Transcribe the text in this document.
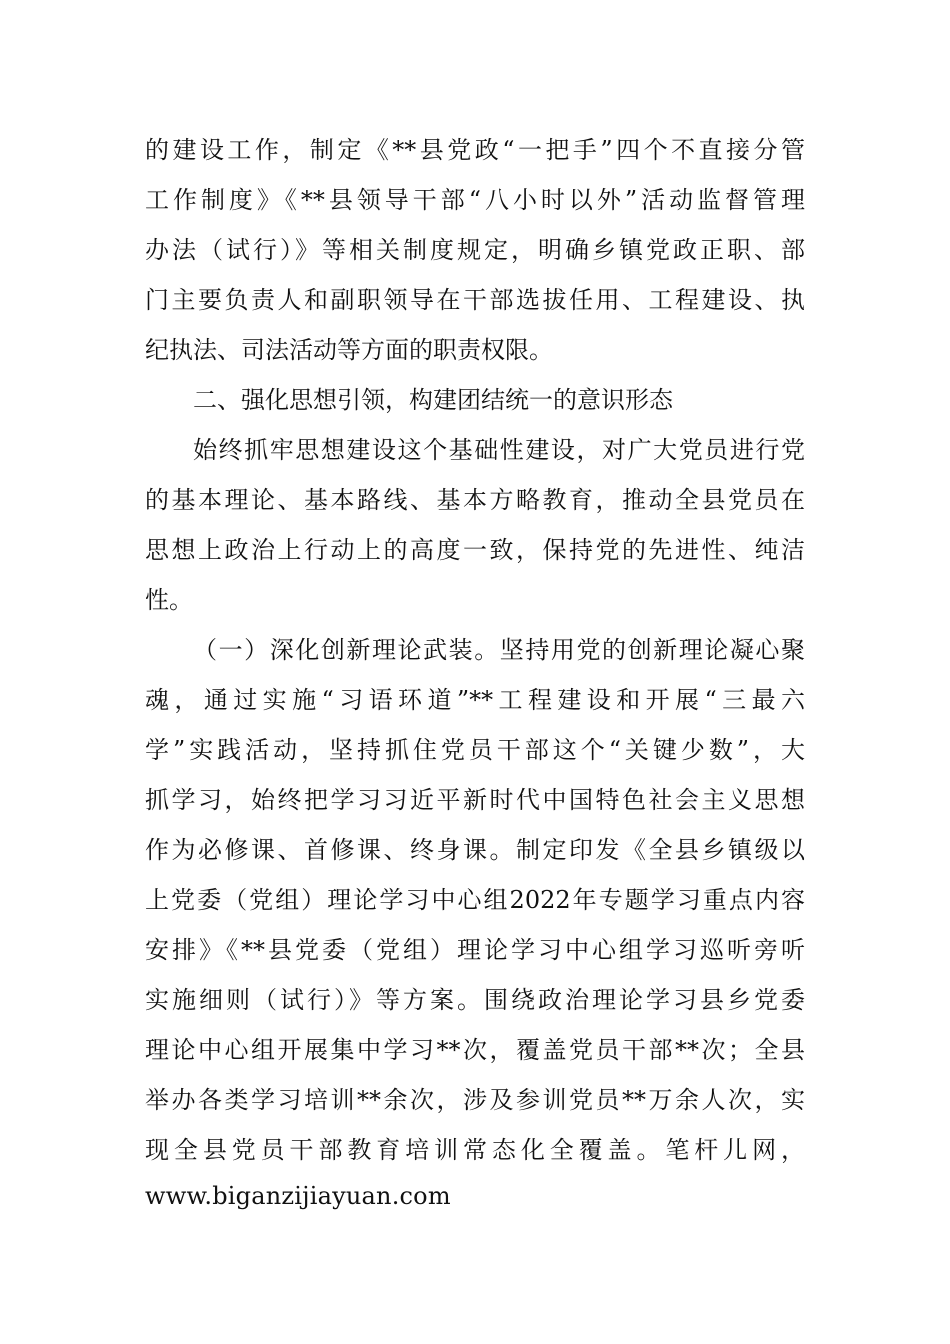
的建设工作，制定《**县党政“一把手”四个不直接分管
工作制度》《**县领导干部“八小时以外”活动监督管理
办法（试行）》等相关制度规定，明确乡镇党政正职、部
门主要负责人和副职领导在干部选拔任用、工程建设、执
纪执法、司法活动等方面的职责权限。
二、强化思想引领，构建团结统一的意识形态
始终抓牢思想建设这个基础性建设，对广大党员进行党
的基本理论、基本路线、基本方略教育，推动全县党员在
思想上政治上行动上的高度一致，保持党的先进性、纯洁
性。
（一）深化创新理论武装。坚持用党的创新理论凝心聚
魂，通过实施“习语环道”**工程建设和开展“三最六
学”实践活动，坚持抓住党员干部这个“关键少数”，大
抓学习，始终把学习习近平新时代中国特色社会主义思想
作为必修课、首修课、终身课。制定印发《全县乡镇级以
上党委（党组）理论学习中心组2022年专题学习重点内容
安排》《**县党委（党组）理论学习中心组学习巡听旁听
实施细则（试行）》等方案。围绕政治理论学习县乡党委
理论中心组开展集中学习**次，覆盖党员干部**次；全县
举办各类学习培训**余次，涉及参训党员**万余人次，实
现全县党员干部教育培训常态化全覆盖。笔杆儿网，
www.biganzijiayuan.com
